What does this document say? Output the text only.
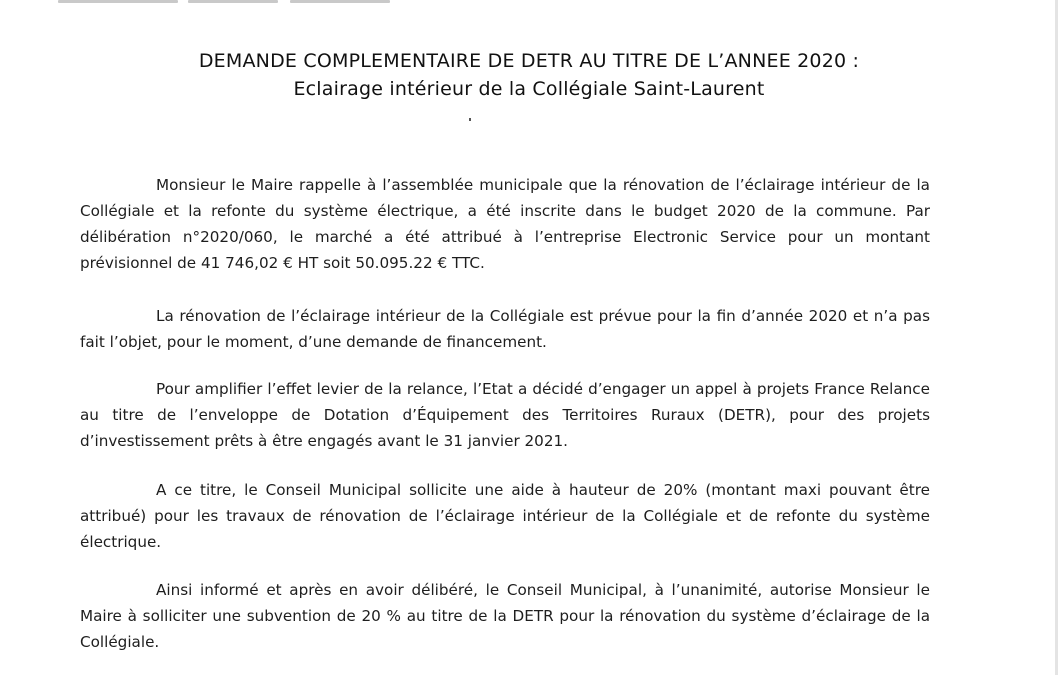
DEMANDE COMPLEMENTAIRE DE DETR AU TITRE DE L’ANNEE 2020 :
Eclairage intérieur de la Collégiale Saint-Laurent

Monsieur le Maire rappelle à l’assemblée municipale que la rénovation de l’éclairage intérieur de la Collégiale et la refonte du système électrique, a été inscrite dans le budget 2020 de la commune. Par délibération n°2020/060, le marché a été attribué à l’entreprise Electronic Service pour un montant prévisionnel de 41 746,02 € HT soit 50.095.22 € TTC.

La rénovation de l’éclairage intérieur de la Collégiale est prévue pour la fin d’année 2020 et n’a pas fait l’objet, pour le moment, d’une demande de financement.

Pour amplifier l’effet levier de la relance, l’Etat a décidé d’engager un appel à projets France Relance au titre de l’enveloppe de Dotation d’Équipement des Territoires Ruraux (DETR), pour des projets d’investissement prêts à être engagés avant le 31 janvier 2021.

A ce titre, le Conseil Municipal sollicite une aide à hauteur de 20% (montant maxi pouvant être attribué) pour les travaux de rénovation de l’éclairage intérieur de la Collégiale et de refonte du système électrique.

Ainsi informé et après en avoir délibéré, le Conseil Municipal, à l’unanimité, autorise Monsieur le Maire à solliciter une subvention de 20 % au titre de la DETR pour la rénovation du système d’éclairage de la Collégiale.
